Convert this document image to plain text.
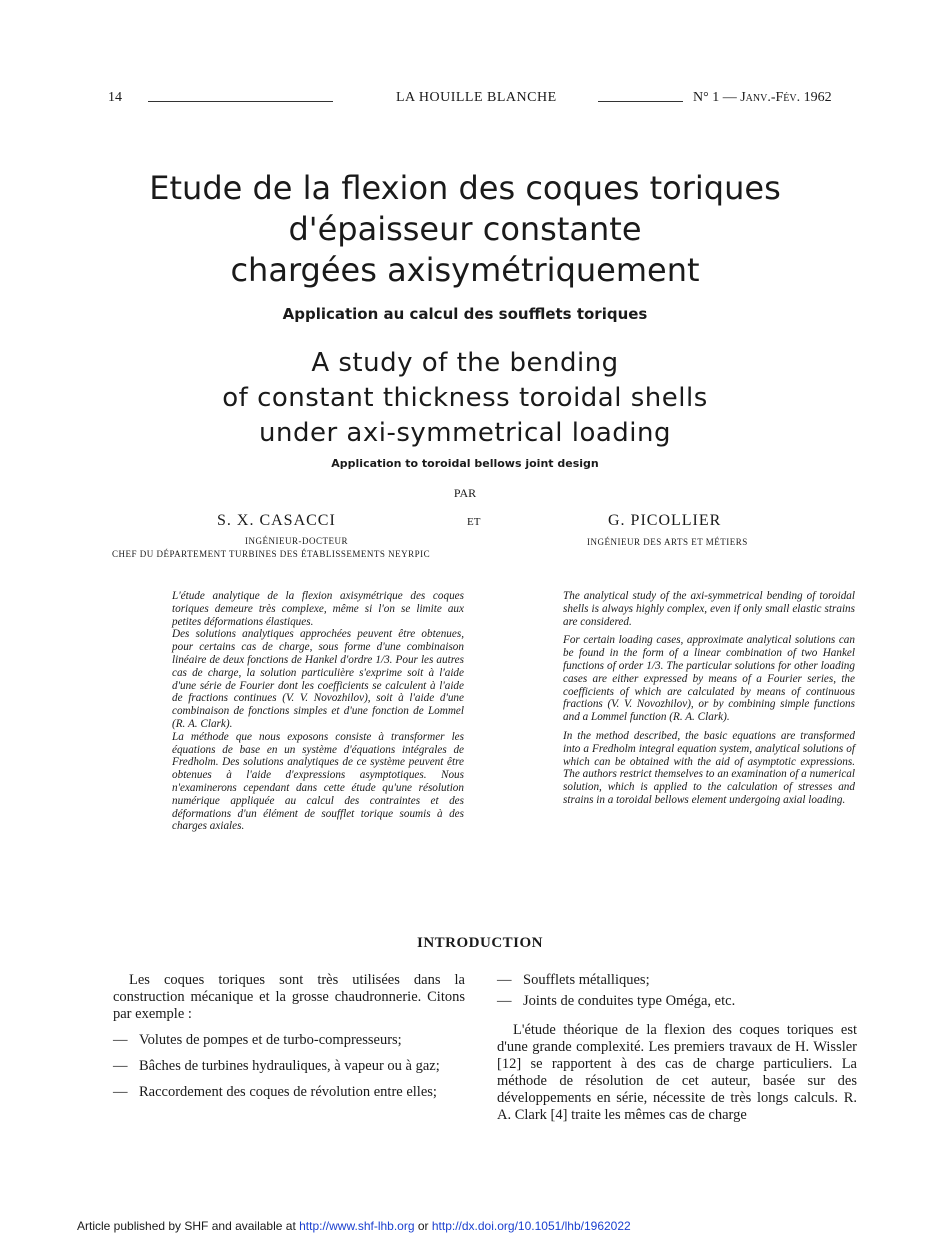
14	LA HOUILLE BLANCHE	N° 1 — Janv.-Fév. 1962
Etude de la flexion des coques toriques
d'épaisseur constante
chargées axisymétriquement
Application au calcul des soufflets toriques
A study of the bending
of constant thickness toroidal shells
under axi-symmetrical loading
Application to toroidal bellows joint design
PAR
S. X. CASACCI	ET	G. PICOLLIER
INGÉNIEUR-DOCTEUR
CHEF DU DÉPARTEMENT TURBINES DES ÉTABLISSEMENTS NEYRPIC
INGÉNIEUR DES ARTS ET MÉTIERS

L'étude analytique de la flexion axisymétrique des coques toriques demeure très complexe, même si l'on se limite aux petites déformations élastiques.

Des solutions analytiques approchées peuvent être obtenues, pour certains cas de charge, sous forme d'une combinaison linéaire de deux fonctions de Hankel d'ordre 1/3. Pour les autres cas de charge, la solution particulière s'exprime soit à l'aide d'une série de Fourier dont les coefficients se calculent à l'aide de fractions continues (V. V. Novozhilov), soit à l'aide d'une combinaison de fonctions simples et d'une fonction de Lommel (R. A. Clark).

La méthode que nous exposons consiste à transformer les équations de base en un système d'équations intégrales de Fredholm. Des solutions analytiques de ce système peuvent être obtenues à l'aide d'expressions asymptotiques. Nous n'examinerons cependant dans cette étude qu'une résolution numérique appliquée au calcul des contraintes et des déformations d'un élément de soufflet torique soumis à des charges axiales.

The analytical study of the axi-symmetrical bending of toroidal shells is always highly complex, even if only small elastic strains are considered.

For certain loading cases, approximate analytical solutions can be found in the form of a linear combination of two Hankel functions of order 1/3. The particular solutions for other loading cases are either expressed by means of a Fourier series, the coefficients of which are calculated by means of continuous fractions (V. V. Novozhilov), or by combining simple functions and a Lommel function (R. A. Clark).

In the method described, the basic equations are transformed into a Fredholm integral equation system, analytical solutions of which can be obtained with the aid of asymptotic expressions. The authors restrict themselves to an examination of a numerical solution, which is applied to the calculation of stresses and strains in a toroidal bellows element undergoing axial loading.

INTRODUCTION

Les coques toriques sont très utilisées dans la construction mécanique et la grosse chaudronnerie. Citons par exemple :

— Volutes de pompes et de turbo-compresseurs;

— Bâches de turbines hydrauliques, à vapeur ou à gaz;

— Raccordement des coques de révolution entre elles;

— Soufflets métalliques;

— Joints de conduites type Oméga, etc.

L'étude théorique de la flexion des coques toriques est d'une grande complexité. Les premiers travaux de H. Wissler [12] se rapportent à des cas de charge particuliers. La méthode de résolution de cet auteur, basée sur des développements en série, nécessite de très longs calculs. R. A. Clark [4] traite les mêmes cas de charge

Article published by SHF and available at http://www.shf-lhb.org or http://dx.doi.org/10.1051/lhb/1962022
